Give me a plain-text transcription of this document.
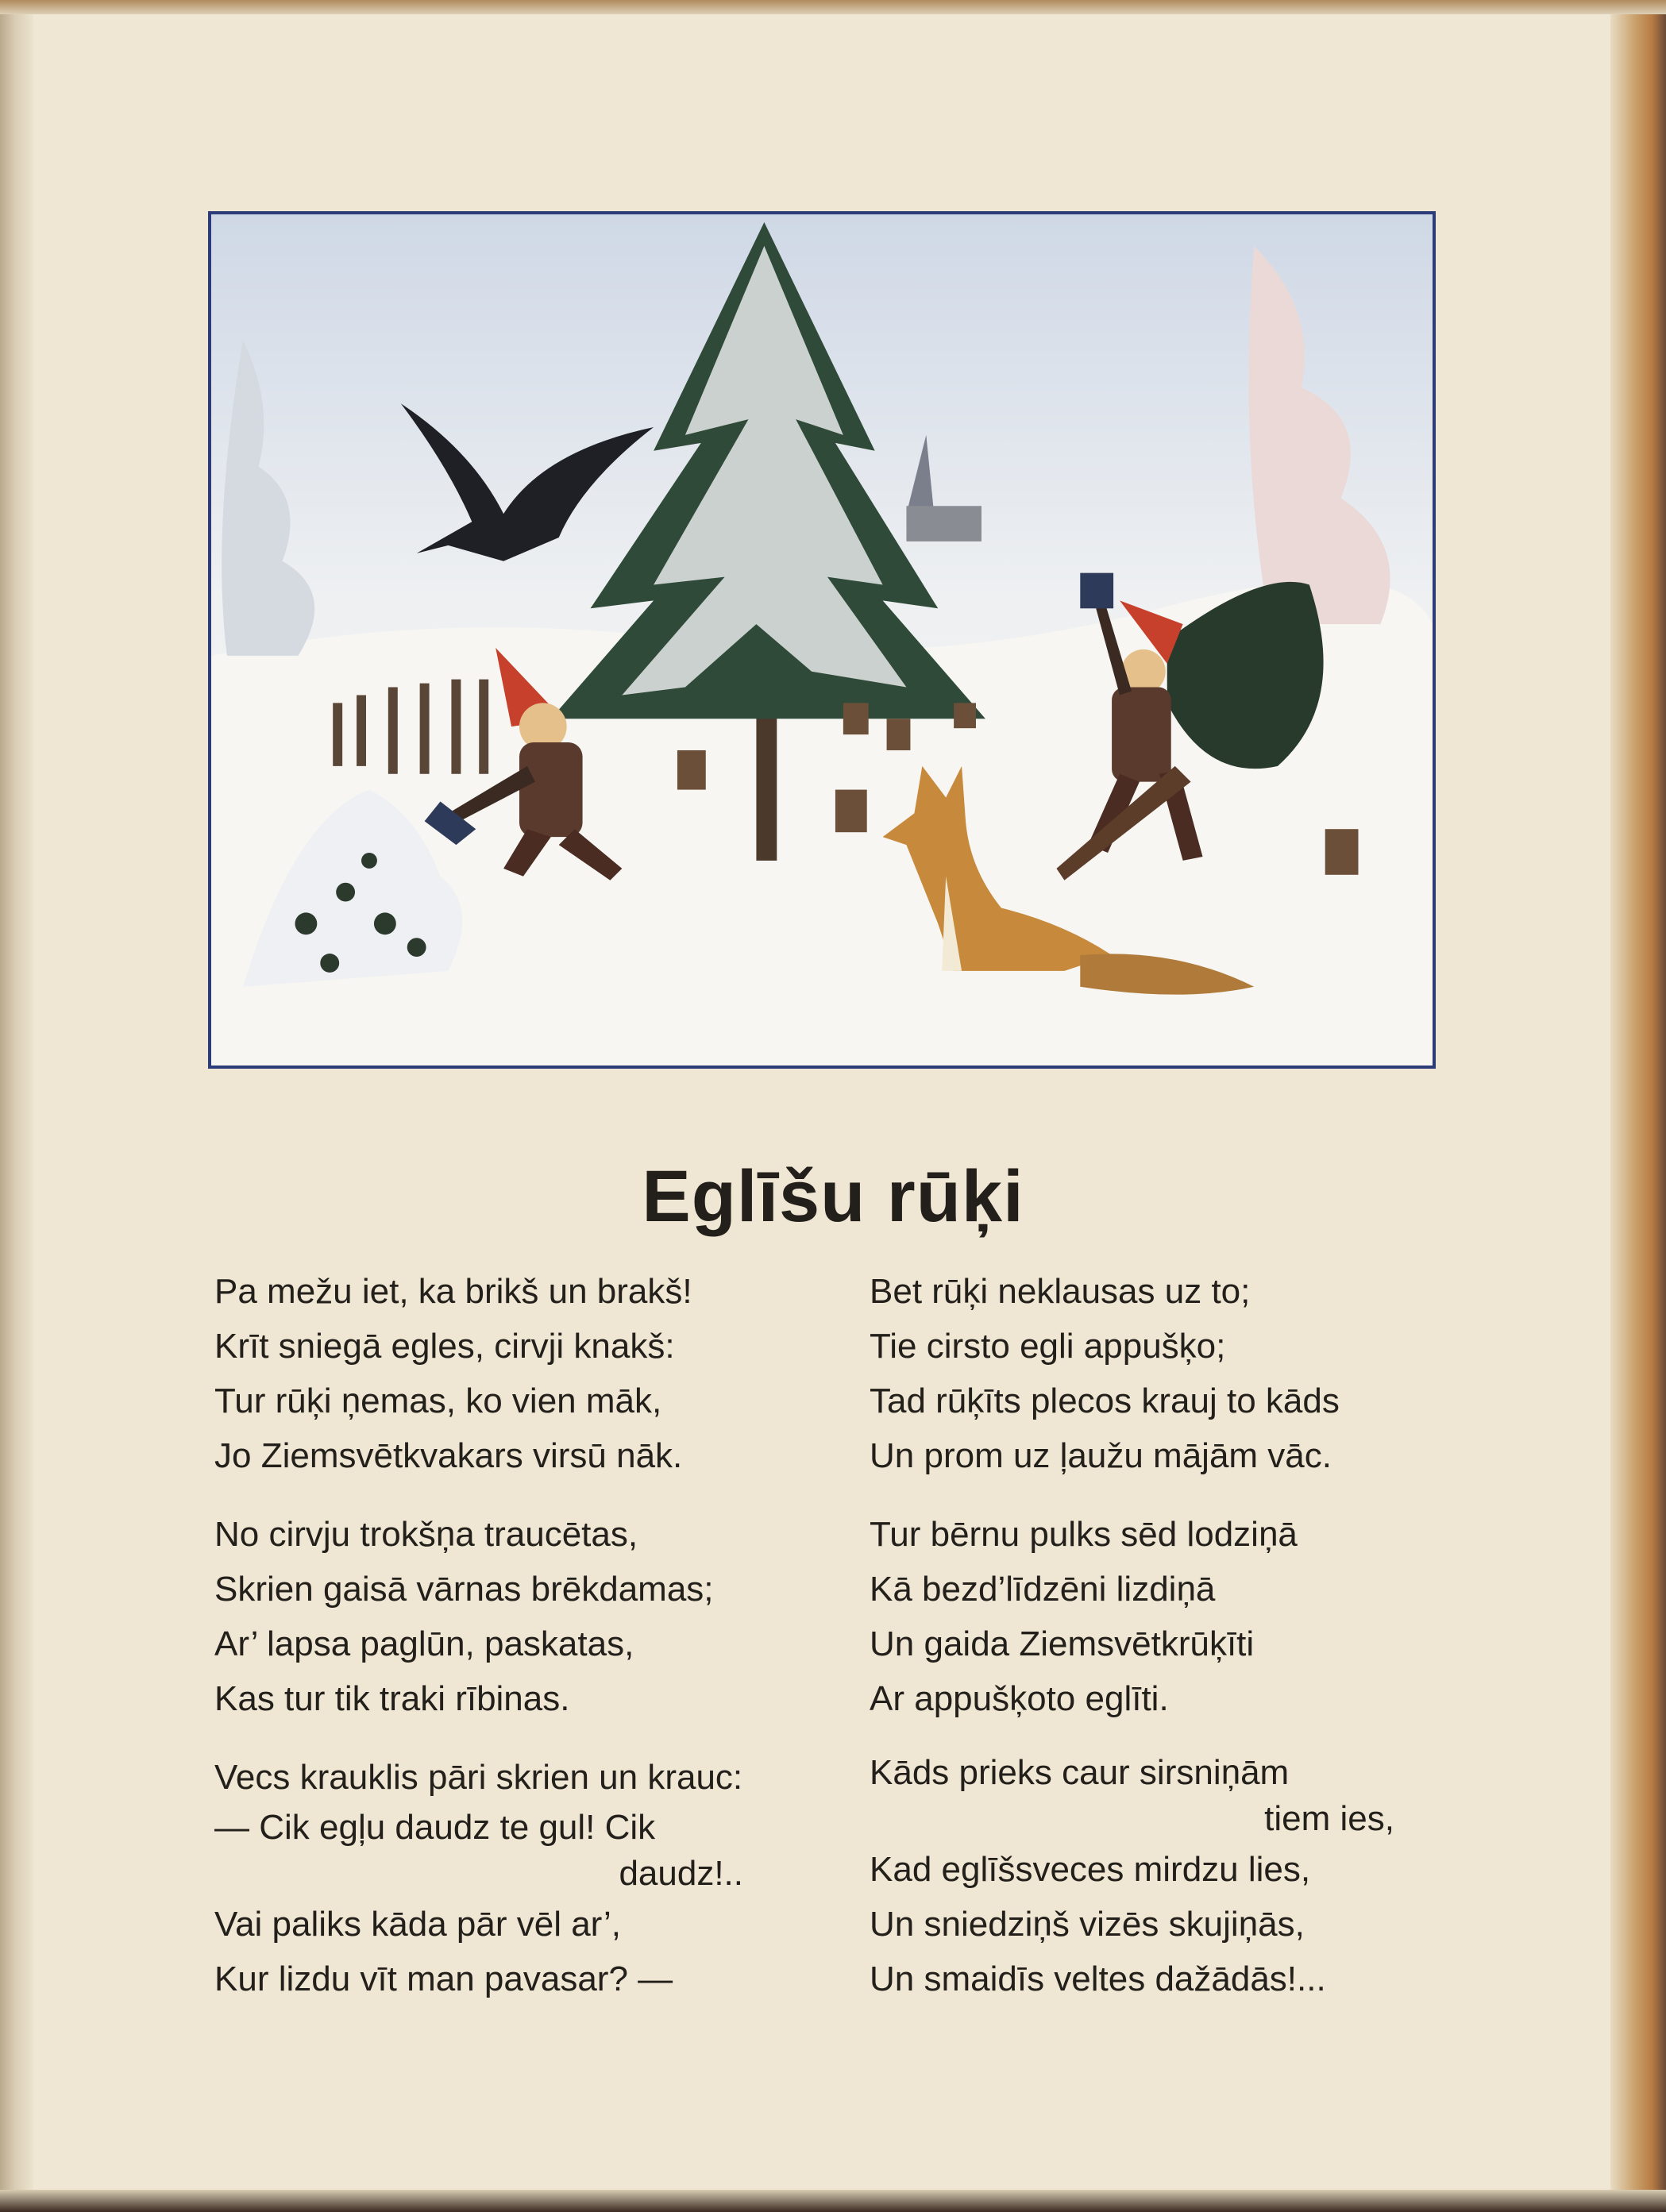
Eglīšu rūķi
Pa mežu iet, ka brikš un brakš!
Krīt sniegā egles, cirvji knakš:
Tur rūķi ņemas, ko vien māk,
Jo Ziemsvētkvakars virsū nāk.
No cirvju trokšņa traucētas,
Skrien gaisā vārnas brēkdamas;
Ar’ lapsa paglūn, paskatas,
Kas tur tik traki rībinas.
Vecs krauklis pāri skrien un krauc:
— Cik egļu daudz te gul! Cik
daudz!..
Vai paliks kāda pār vēl ar’,
Kur lizdu vīt man pavasar? —
Bet rūķi neklausas uz to;
Tie cirsto egli appušķo;
Tad rūķīts plecos krauj to kāds
Un prom uz ļaužu mājām vāc.
Tur bērnu pulks sēd lodziņā
Kā bezd’līdzēni lizdiņā
Un gaida Ziemsvētkrūķīti
Ar appušķoto eglīti.
Kāds prieks caur sirsniņām
tiem ies,
Kad eglīšsveces mirdzu lies,
Un sniedziņš vizēs skujiņās,
Un smaidīs veltes dažādās!...
